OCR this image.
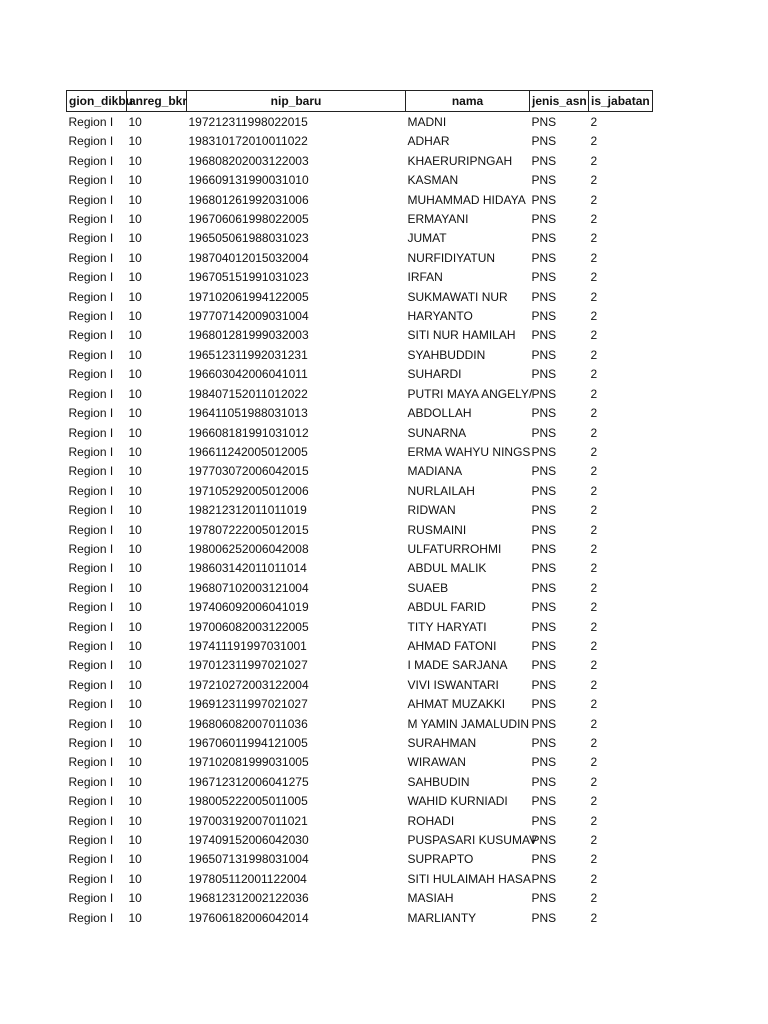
gion_dikbu	anreg_bkr	nip_baru	nama	jenis_asn	is_jabatan
Region I	10	197212311998022015	MADNI	PNS	2
Region I	10	198310172010011022	ADHAR	PNS	2
Region I	10	196808202003122003	KHAERURIPNGAH	PNS	2
Region I	10	196609131990031010	KASMAN	PNS	2
Region I	10	196801261992031006	MUHAMMAD HIDAYA	PNS	2
Region I	10	196706061998022005	ERMAYANI	PNS	2
Region I	10	196505061988031023	JUMAT	PNS	2
Region I	10	198704012015032004	NURFIDIYATUN	PNS	2
Region I	10	196705151991031023	IRFAN	PNS	2
Region I	10	197102061994122005	SUKMAWATI NUR	PNS	2
Region I	10	197707142009031004	HARYANTO	PNS	2
Region I	10	196801281999032003	SITI NUR HAMILAH	PNS	2
Region I	10	196512311992031231	SYAHBUDDIN	PNS	2
Region I	10	196603042006041011	SUHARDI	PNS	2
Region I	10	198407152011012022	PUTRI MAYA ANGELY/	PNS	2
Region I	10	196411051988031013	ABDOLLAH	PNS	2
Region I	10	196608181991031012	SUNARNA	PNS	2
Region I	10	196611242005012005	ERMA WAHYU NINGS	PNS	2
Region I	10	197703072006042015	MADIANA	PNS	2
Region I	10	197105292005012006	NURLAILAH	PNS	2
Region I	10	198212312011011019	RIDWAN	PNS	2
Region I	10	197807222005012015	RUSMAINI	PNS	2
Region I	10	198006252006042008	ULFATURROHMI	PNS	2
Region I	10	198603142011011014	ABDUL MALIK	PNS	2
Region I	10	196807102003121004	SUAEB	PNS	2
Region I	10	197406092006041019	ABDUL FARID	PNS	2
Region I	10	197006082003122005	TITY HARYATI	PNS	2
Region I	10	197411191997031001	AHMAD FATONI	PNS	2
Region I	10	197012311997021027	I MADE SARJANA	PNS	2
Region I	10	197210272003122004	VIVI ISWANTARI	PNS	2
Region I	10	196912311997021027	AHMAT MUZAKKI	PNS	2
Region I	10	196806082007011036	M YAMIN JAMALUDIN	PNS	2
Region I	10	196706011994121005	SURAHMAN	PNS	2
Region I	10	197102081999031005	WIRAWAN	PNS	2
Region I	10	196712312006041275	SAHBUDIN	PNS	2
Region I	10	198005222005011005	WAHID KURNIADI	PNS	2
Region I	10	197003192007011021	ROHADI	PNS	2
Region I	10	197409152006042030	PUSPASARI KUSUMAV	PNS	2
Region I	10	196507131998031004	SUPRAPTO	PNS	2
Region I	10	197805112001122004	SITI HULAIMAH HASA	PNS	2
Region I	10	196812312002122036	MASIAH	PNS	2
Region I	10	197606182006042014	MARLIANTY	PNS	2
